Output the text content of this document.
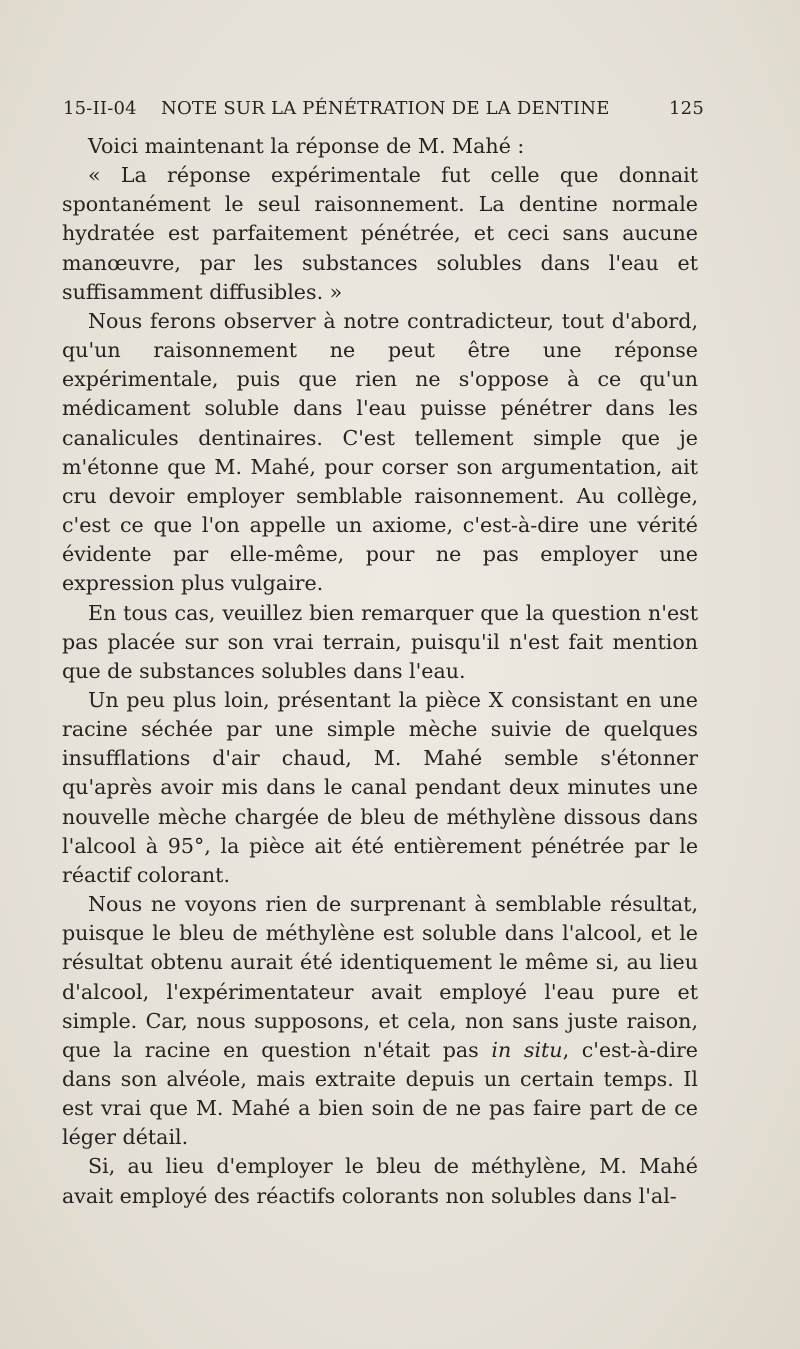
15-II-04 NOTE SUR LA PÉNÉTRATION DE LA DENTINE	125

Voici maintenant la réponse de M. Mahé :

« La réponse expérimentale fut celle que donnait spontanément le seul raisonnement. La dentine normale hydratée est parfaitement pénétrée, et ceci sans aucune manœuvre, par les substances solubles dans l'eau et suffisamment diffusibles. »

Nous ferons observer à notre contradicteur, tout d'abord, qu'un raisonnement ne peut être une réponse expérimentale, puis que rien ne s'oppose à ce qu'un médicament soluble dans l'eau puisse pénétrer dans les canalicules dentinaires. C'est tellement simple que je m'étonne que M. Mahé, pour corser son argumentation, ait cru devoir employer semblable raisonnement. Au collège, c'est ce que l'on appelle un axiome, c'est-à-dire une vérité évidente par elle-même, pour ne pas employer une expression plus vulgaire.

En tous cas, veuillez bien remarquer que la question n'est pas placée sur son vrai terrain, puisqu'il n'est fait mention que de substances solubles dans l'eau.

Un peu plus loin, présentant la pièce X consistant en une racine séchée par une simple mèche suivie de quelques insufflations d'air chaud, M. Mahé semble s'étonner qu'après avoir mis dans le canal pendant deux minutes une nouvelle mèche chargée de bleu de méthylène dissous dans l'alcool à 95°, la pièce ait été entièrement pénétrée par le réactif colorant.

Nous ne voyons rien de surprenant à semblable résultat, puisque le bleu de méthylène est soluble dans l'alcool, et le résultat obtenu aurait été identiquement le même si, au lieu d'alcool, l'expérimentateur avait employé l'eau pure et simple. Car, nous supposons, et cela, non sans juste raison, que la racine en question n'était pas in situ, c'est-à-dire dans son alvéole, mais extraite depuis un certain temps. Il est vrai que M. Mahé a bien soin de ne pas faire part de ce léger détail.

Si, au lieu d'employer le bleu de méthylène, M. Mahé avait employé des réactifs colorants non solubles dans l'al-
